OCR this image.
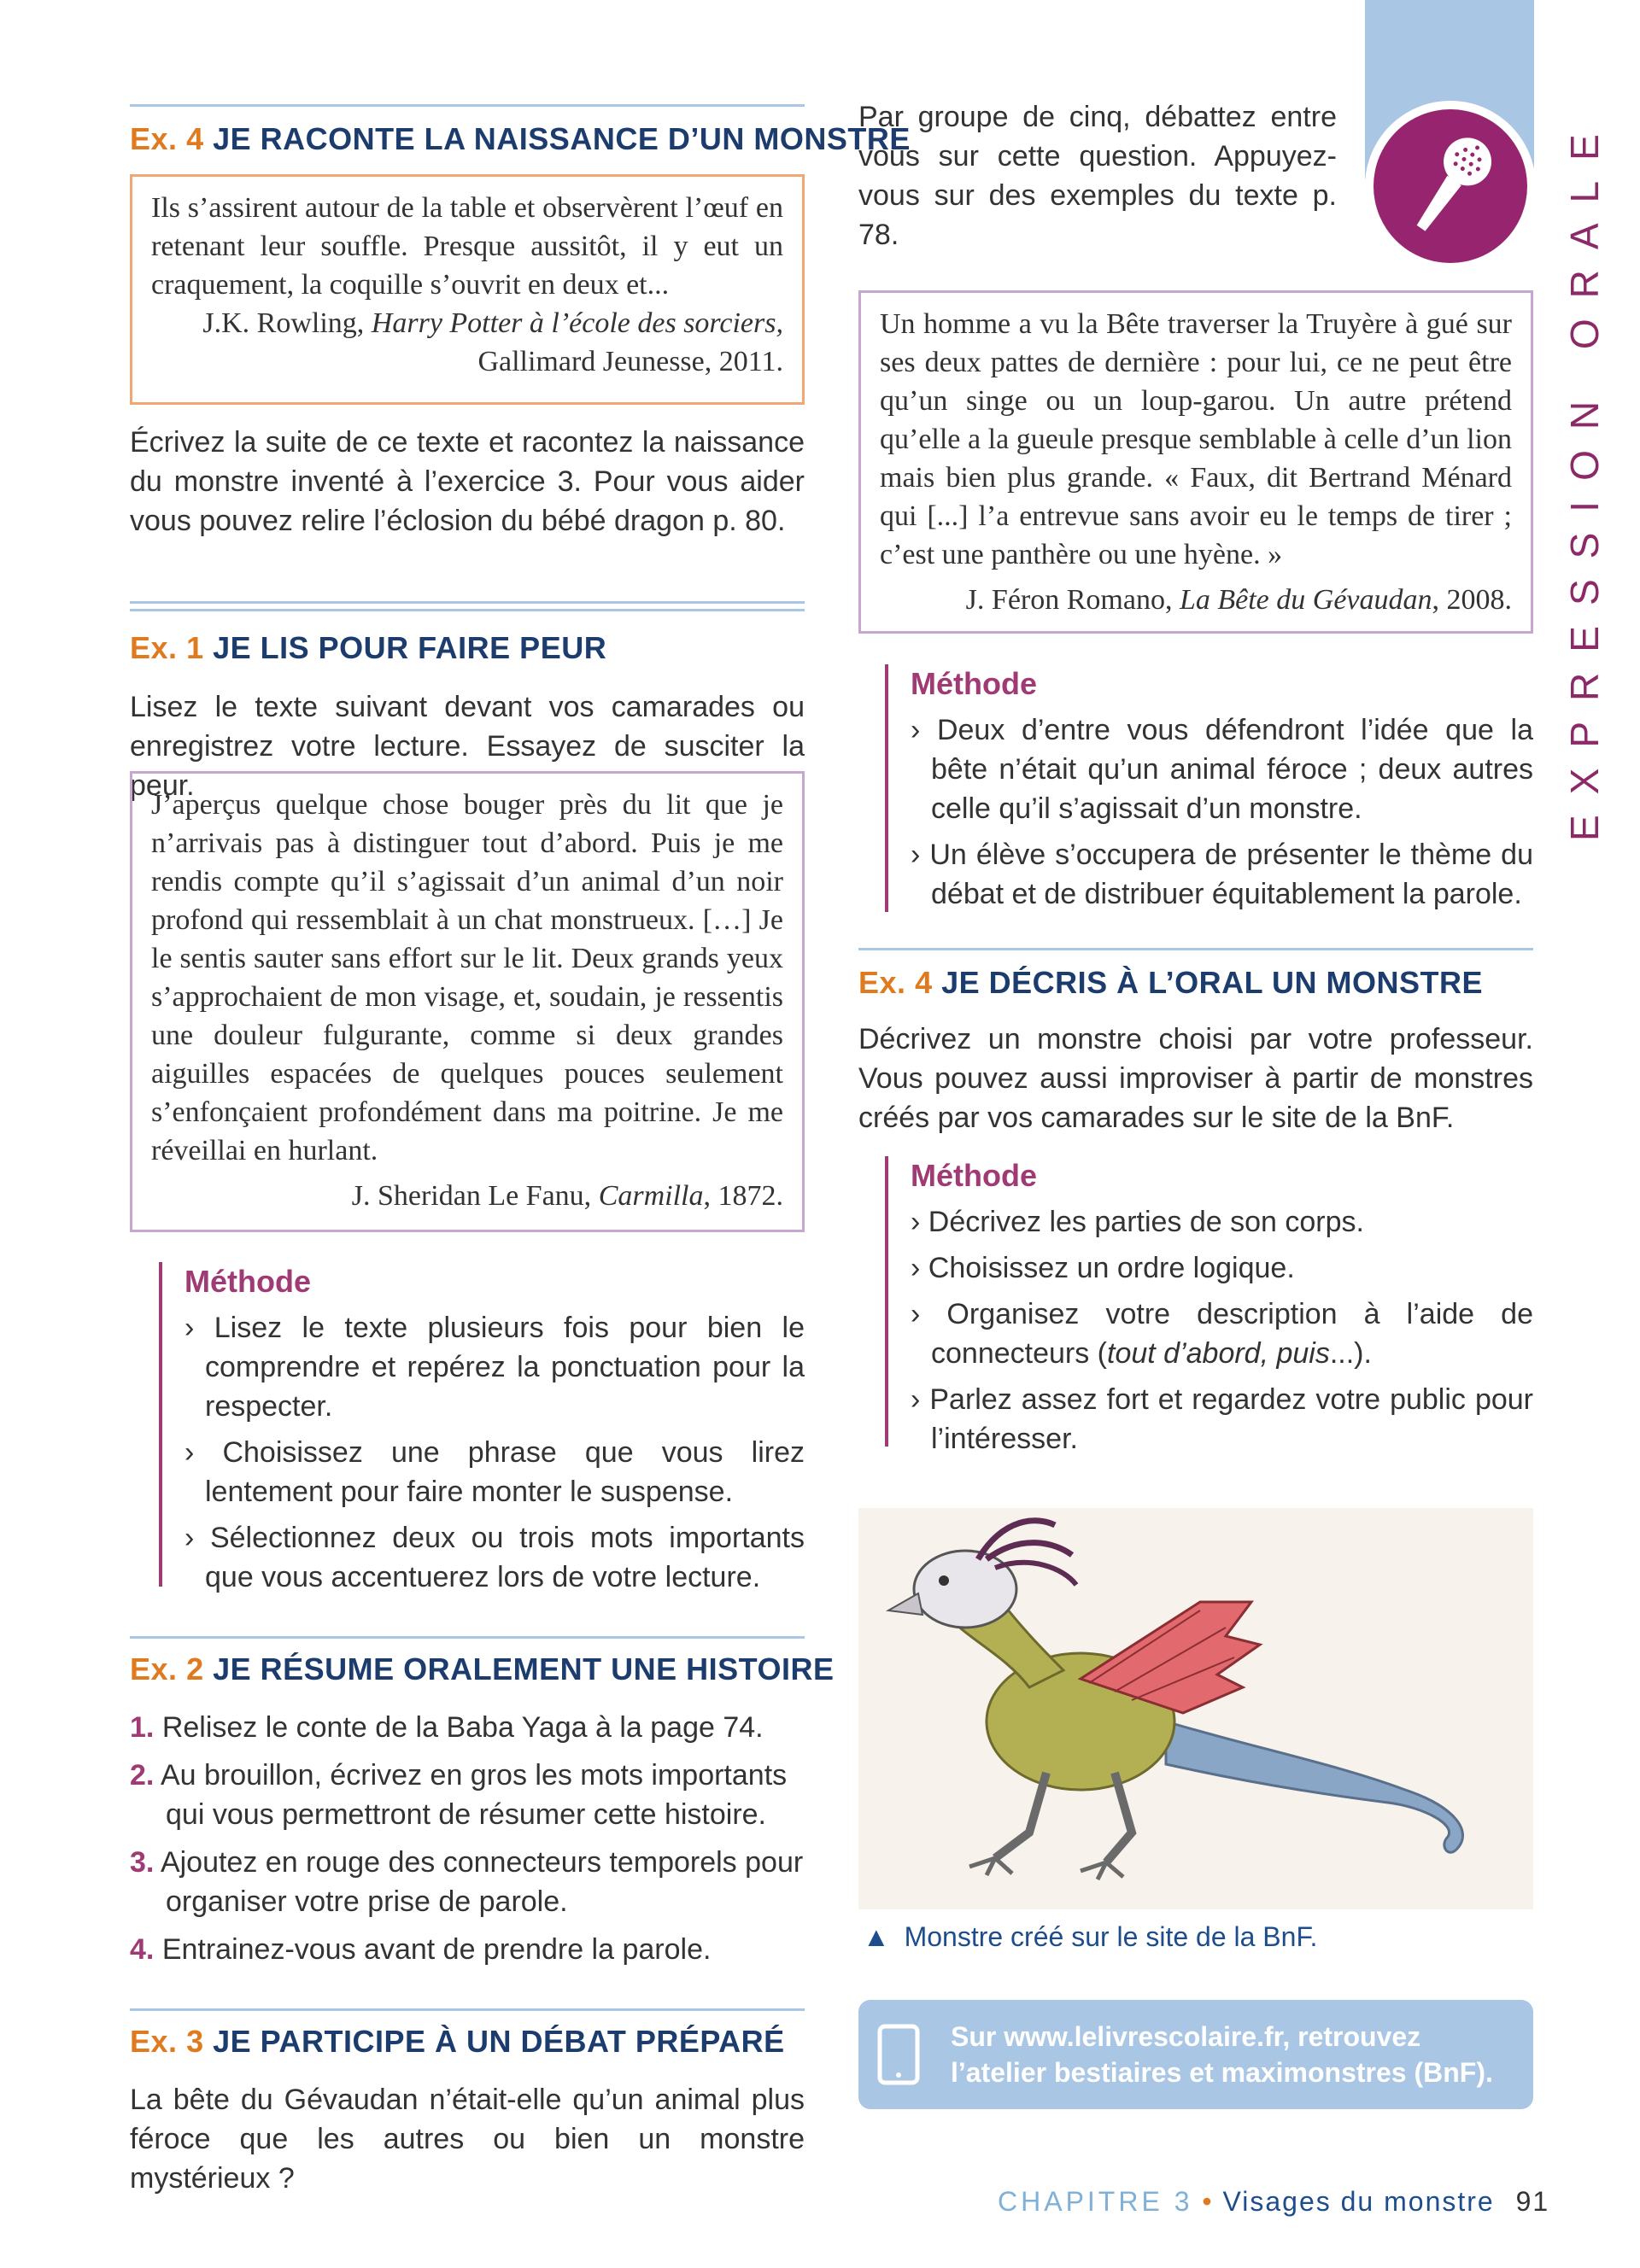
EXPRESSION ORALE
Ex. 4 JE RACONTE LA NAISSANCE D’UN MONSTRE
Ils s’assirent autour de la table et observèrent l’œuf en retenant leur souffle. Presque aussitôt, il y eut un craquement, la coquille s’ouvrit en deux et...
J.K. Rowling, Harry Potter à l’école des sorciers,
Gallimard Jeunesse, 2011.
Écrivez la suite de ce texte et racontez la naissance du monstre inventé à l’exercice 3. Pour vous aider vous pouvez relire l’éclosion du bébé dragon p. 80.
Ex. 1 JE LIS POUR FAIRE PEUR
Lisez le texte suivant devant vos camarades ou enregistrez votre lecture. Essayez de susciter la peur.
J’aperçus quelque chose bouger près du lit que je n’arrivais pas à distinguer tout d’abord. Puis je me rendis compte qu’il s’agissait d’un animal d’un noir profond qui ressemblait à un chat monstrueux. […] Je le sentis sauter sans effort sur le lit. Deux grands yeux s’approchaient de mon visage, et, soudain, je ressentis une douleur fulgurante, comme si deux grandes aiguilles espacées de quelques pouces seulement s’enfonçaient profondément dans ma poitrine. Je me réveillai en hurlant.
J. Sheridan Le Fanu, Carmilla, 1872.
Méthode
› Lisez le texte plusieurs fois pour bien le comprendre et repérez la ponctuation pour la respecter.
› Choisissez une phrase que vous lirez lentement pour faire monter le suspense.
› Sélectionnez deux ou trois mots importants que vous accentuerez lors de votre lecture.
Ex. 2 JE RÉSUME ORALEMENT UNE HISTOIRE
1. Relisez le conte de la Baba Yaga à la page 74.
2. Au brouillon, écrivez en gros les mots importants qui vous permettront de résumer cette histoire.
3. Ajoutez en rouge des connecteurs temporels pour organiser votre prise de parole.
4. Entrainez-vous avant de prendre la parole.
Ex. 3 JE PARTICIPE À UN DÉBAT PRÉPARÉ
La bête du Gévaudan n’était-elle qu’un animal plus féroce que les autres ou bien un monstre mystérieux ?
Par groupe de cinq, débattez entre vous sur cette question. Appuyez-vous sur des exemples du texte p. 78.
Un homme a vu la Bête traverser la Truyère à gué sur ses deux pattes de dernière : pour lui, ce ne peut être qu’un singe ou un loup-garou. Un autre prétend qu’elle a la gueule presque semblable à celle d’un lion mais bien plus grande. « Faux, dit Bertrand Ménard qui [...] l’a entrevue sans avoir eu le temps de tirer ; c’est une panthère ou une hyène. »
J. Féron Romano, La Bête du Gévaudan, 2008.
Méthode
› Deux d’entre vous défendront l’idée que la bête n’était qu’un animal féroce ; deux autres celle qu’il s’agissait d’un monstre.
› Un élève s’occupera de présenter le thème du débat et de distribuer équitablement la parole.
Ex. 4 JE DÉCRIS À L’ORAL UN MONSTRE
Décrivez un monstre choisi par votre professeur. Vous pouvez aussi improviser à partir de monstres créés par vos camarades sur le site de la BnF.
Méthode
› Décrivez les parties de son corps.
› Choisissez un ordre logique.
› Organisez votre description à l’aide de connecteurs (tout d’abord, puis...).
› Parlez assez fort et regardez votre public pour l’intéresser.
▲ Monstre créé sur le site de la BnF.
Sur www.lelivrescolaire.fr, retrouvez
l’atelier bestiaires et maximonstres (BnF).
CHAPITRE 3 • Visages du monstre 91
